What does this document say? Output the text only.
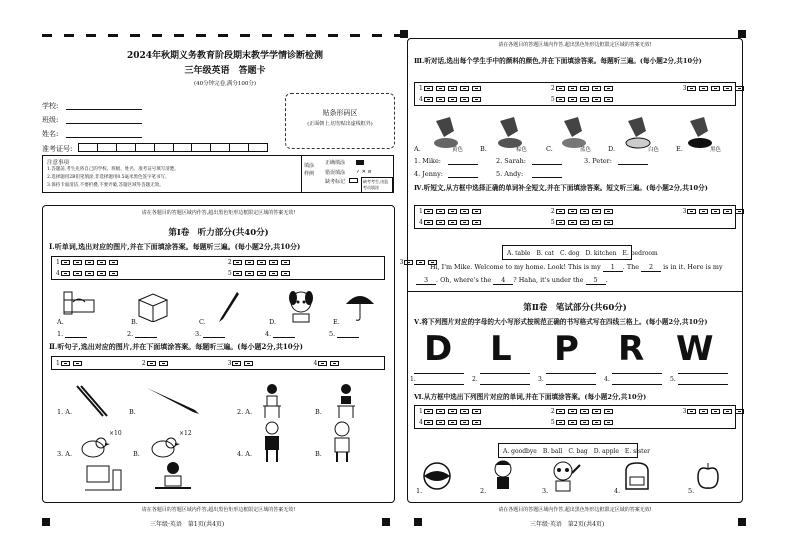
2024年秋期义务教育阶段期末教学学情诊断检测
三年级英语　答题卡
(40分钟完卷,满分100分)
学校:
班级:
姓名:
准考证号:
贴条形码区
(正面朝上,切勿贴出虚线框外)
注意事项
1.答题前,考生先将自己的学校、班级、姓名、准考证号填写清楚。
2.选择题用2B铅笔填涂,非选择题用0.5毫米黑色签字笔书写。
3.保持卡面清洁,不要折叠,不要弄破,答题区域外答题无效。
填涂样例
正确填涂
错误填涂 ✓ ✕ ⊘
缺考标记	缺考考生,由监考员填涂
请在各题目的答题区域内作答,超出黑色矩形边框限定区域的答案无效!
第Ⅰ卷　听力部分(共40分)
Ⅰ.听单词,选出对应的图片,并在下面填涂答案。每题听三遍。(每小题2分,共10分)
1	2	3
4	5
A.	B.	C.	D.	E.
1.	2.	3.	4.	5.
Ⅱ.听句子,选出对应的图片,并在下面填涂答案。每题听三遍。(每小题2分,共10分)
1	2	3	4
1. A.	B.	2. A.	B.
×10	×12
3. A.	B.	4. A.	B.
请在各题目的答题区域内作答,超出黑色矩形边框限定区域的答案无效!
Ⅲ.听对话,选出每个学生手中的颜料的颜色,并在下面填涂答案。每题听三遍。(每小题2分,共10分)
1	2	3
4	5
A.	黄色	B.	棕色	C.	蓝色	D.	白色	E.	黑色
1. Mike:	2. Sarah:	3. Peter:
4. Jenny:	5. Andy:
Ⅳ.听短文,从方框中选择正确的单词补全短文,并在下面填涂答案。短文听三遍。(每小题2分,共10分)
1	2	3
4	5
A. table　B. cat　C. dog　D. kitchen　E. bedroom
Hi, I'm Mike. Welcome to my home. Look! This is my 1 . The 2 is in it. Here is my
3 . Oh, where's the 4 ? Haha, it's under the 5 .
第Ⅱ卷　笔试部分(共60分)
Ⅴ.将下列图片对应的字母的大小写形式按规范正确的书写格式写在四线三格上。(每小题2分,共10分)
D L P R W
1.	2.	3.	4.	5.
Ⅵ.从方框中选出下列图片对应的单词,并在下面填涂答案。(每小题2分,共10分)
1	2	3
4	5
A. goodbye　B. ball　C. bag　D. apple　E. sister
1.	2.	3.	4.	5.
请在各题目的答题区域内作答,超出黑色矩形边框限定区域的答案无效!	请在各题目的答题区域内作答,超出黑色矩形边框限定区域的答案无效!
三年级·英语　第1页(共4页)	三年级·英语　第2页(共4页)
